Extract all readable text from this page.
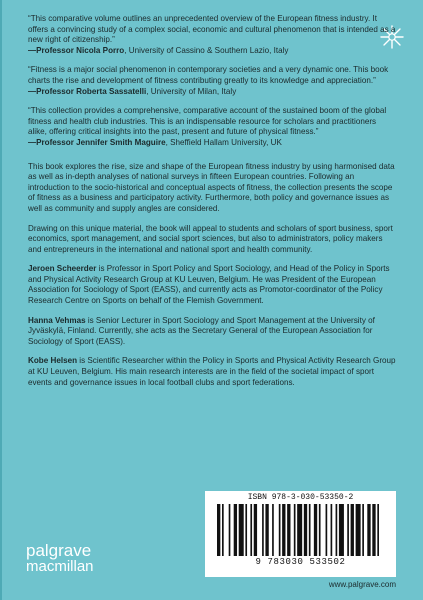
“This comparative volume outlines an unprecedented overview of the European fitness industry. It offers a convincing study of a complex social, economic and cultural phenomenon that is intended as a new right of citizenship.”
—Professor Nicola Porro, University of Cassino & Southern Lazio, Italy
“Fitness is a major social phenomenon in contemporary societies and a very dynamic one. This book charts the rise and development of fitness contributing greatly to its knowledge and appreciation.”
—Professor Roberta Sassatelli, University of Milan, Italy
“This collection provides a comprehensive, comparative account of the sustained boom of the global fitness and health club industries. This is an indispensable resource for scholars and practitioners alike, offering critical insights into the past, present and future of physical fitness.”
—Professor Jennifer Smith Maguire, Sheffield Hallam University, UK

This book explores the rise, size and shape of the European fitness industry by using harmonised data as well as in-depth analyses of national surveys in fifteen European countries. Following an introduction to the socio-historical and conceptual aspects of fitness, the collection presents the scope of fitness as a business and participatory activity. Furthermore, both policy and governance issues as well as community and supply angles are considered.

Drawing on this unique material, the book will appeal to students and scholars of sport business, sport economics, sport management, and social sport sciences, but also to administrators, policy makers and entrepreneurs in the international and national sport and health community.

Jeroen Scheerder is Professor in Sport Policy and Sport Sociology, and Head of the Policy in Sports and Physical Activity Research Group at KU Leuven, Belgium. He was President of the European Association for Sociology of Sport (EASS), and currently acts as Promotor-coordinator of the Policy Research Centre on Sports on behalf of the Flemish Government.

Hanna Vehmas is Senior Lecturer in Sport Sociology and Sport Management at the University of Jyväskylä, Finland. Currently, she acts as the Secretary General of the European Association for Sociology of Sport (EASS).

Kobe Helsen is Scientific Researcher within the Policy in Sports and Physical Activity Research Group at KU Leuven, Belgium. His main research interests are in the field of the societal impact of sport events and governance issues in local football clubs and sport federations.

ISBN 978-3-030-53350-2
9 783030 533502
www.palgrave.com
palgrave
macmillan
